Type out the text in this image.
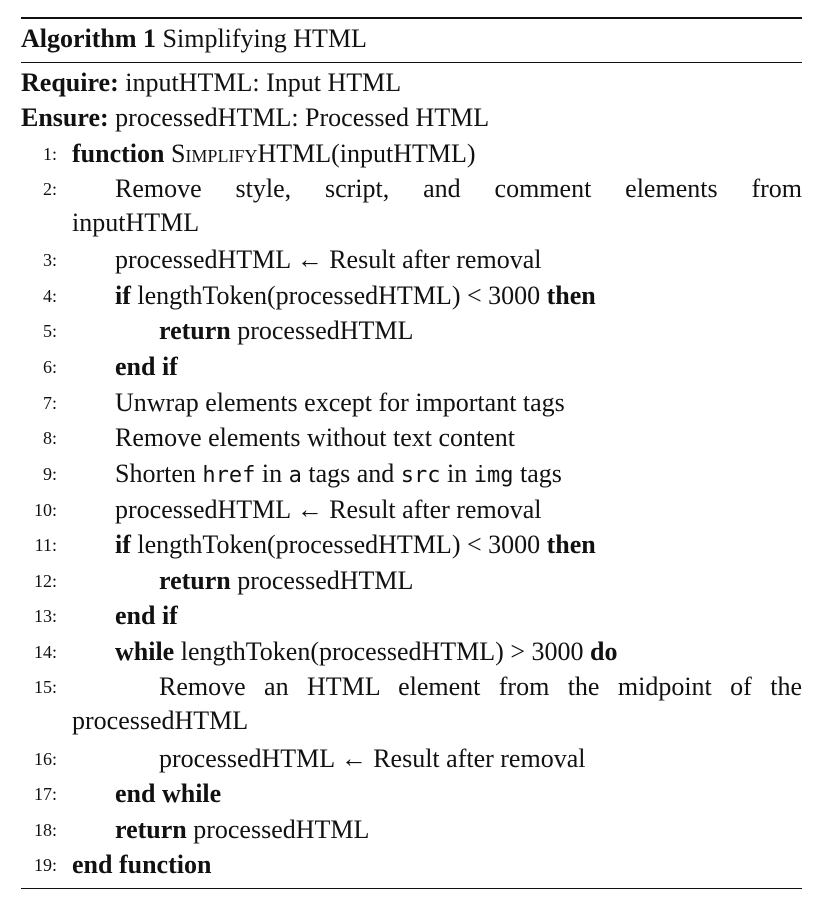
Algorithm 1 Simplifying HTML
Require: inputHTML: Input HTML
Ensure: processedHTML: Processed HTML
1: function SimplifyHTML(inputHTML)
2: Remove style, script, and comment elements from
inputHTML
3: processedHTML ← Result after removal
4: if lengthToken(processedHTML) < 3000 then
5:	return processedHTML
6: end if
7: Unwrap elements except for important tags
8: Remove elements without text content
9: Shorten href in a tags and src in img tags
10: processedHTML ← Result after removal
11: if lengthToken(processedHTML) < 3000 then
12:	return processedHTML
13: end if
14: while lengthToken(processedHTML) > 3000 do
15:	Remove an HTML element from the midpoint of the
processedHTML
16:	processedHTML ← Result after removal
17: end while
18: return processedHTML
19: end function
